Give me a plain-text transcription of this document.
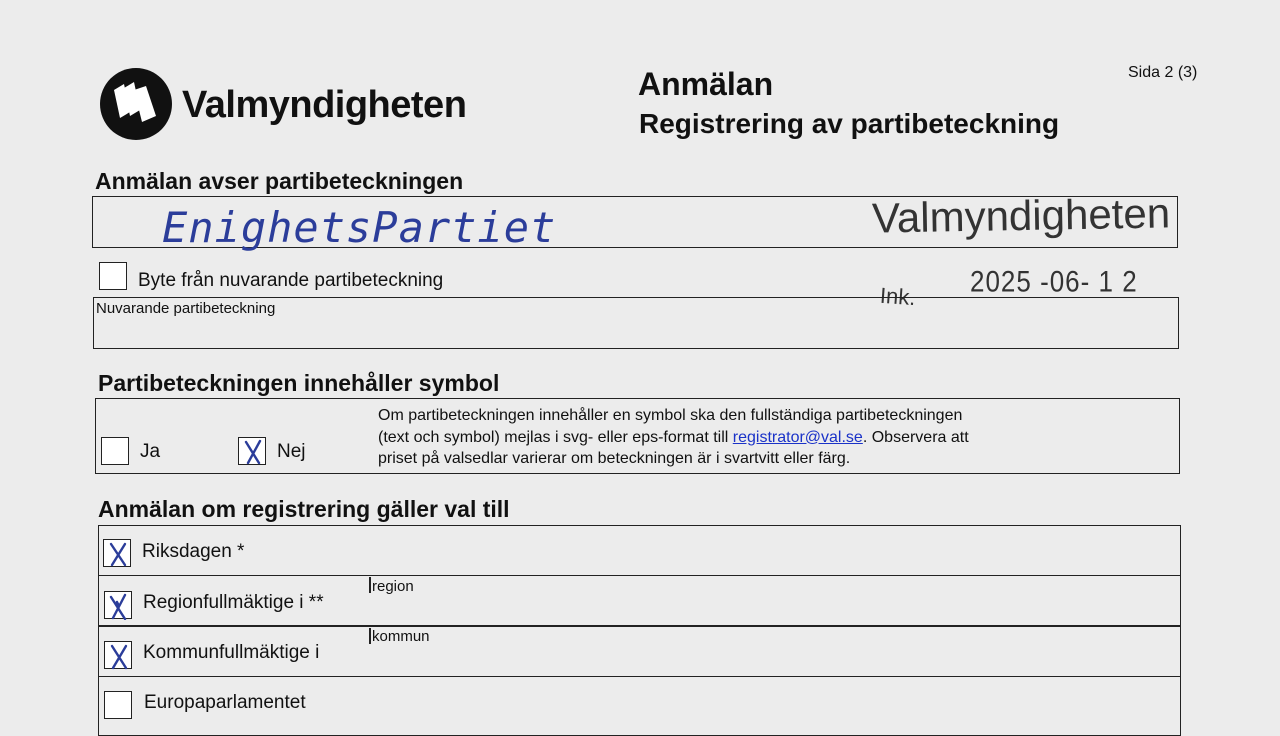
Valmyndigheten	Anmälan
Registrering av partibeteckning
Sida 2 (3)
Anmälan avser partibeteckningen
EnighetsPartiet	Valmyndigheten
Byte från nuvarande partibeteckning
Ink. 2025 -06- 1 2
Nuvarande partibeteckning
Partibeteckningen innehåller symbol
Ja	Nej
Om partibeteckningen innehåller en symbol ska den fullständiga partibeteckningen
(text och symbol) mejlas i svg- eller eps-format till registrator@val.se. Observera att
priset på valsedlar varierar om beteckningen är i svartvitt eller färg.
Anmälan om registrering gäller val till
Riksdagen *
Regionfullmäktige i **
region
Kommunfullmäktige i
kommun
Europaparlamentet
